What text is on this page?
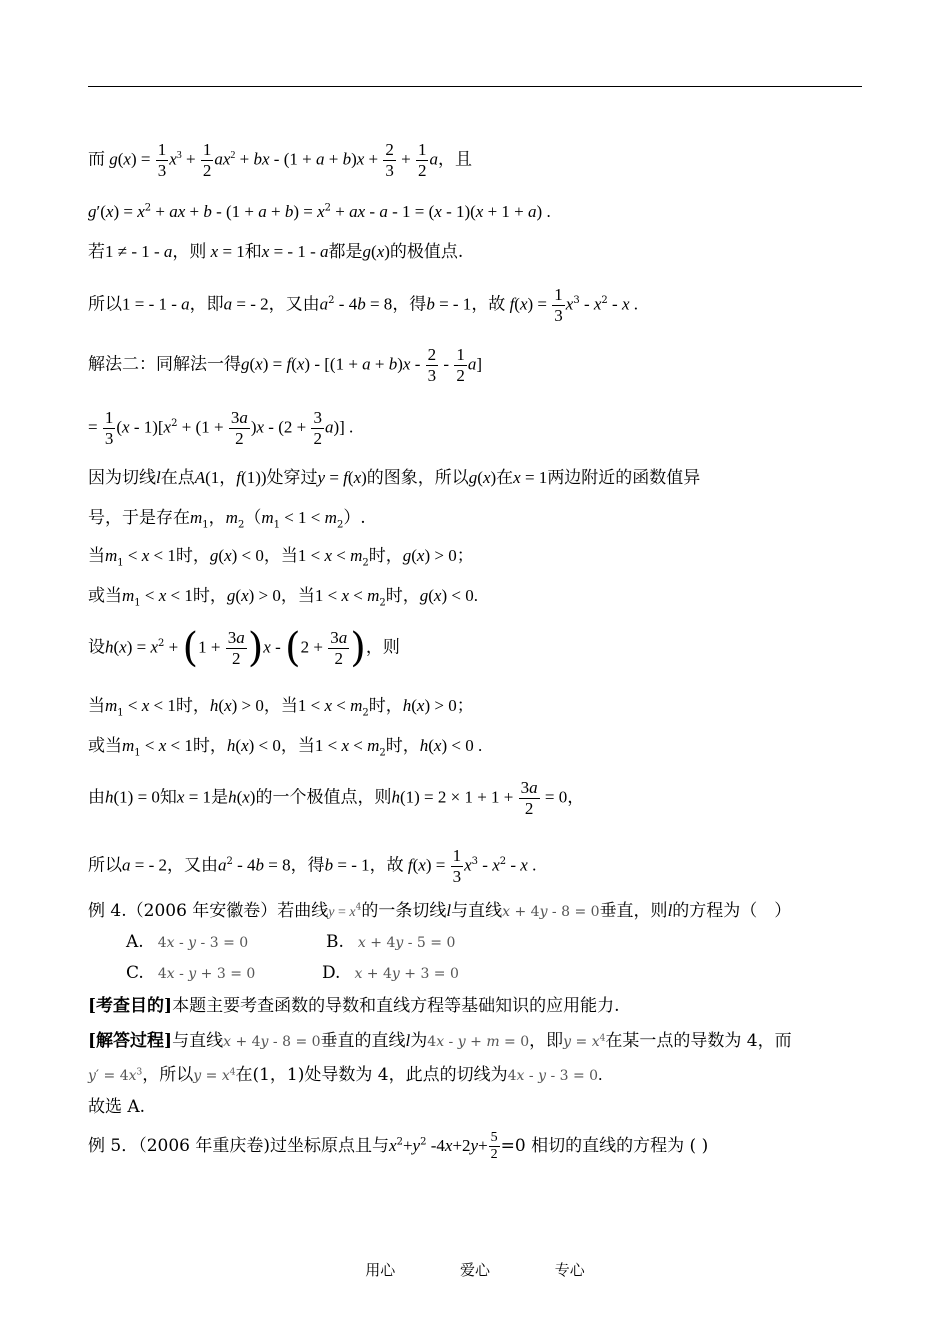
而 $g(x) = \frac{1}{3} x^3 + \frac{1}{2} ax^2$ + bx - $(1 + a + b)x + \frac{2}{3} + \frac{1}{2}$ a，且
$g'(x) = x^2$ + ax + $b - (1 + a + b) = x^2$ + ax - a - 1 = (x - 1)(x + 1 + a) .
若1 ≠ - 1 - a，则 x = 1和x = - 1 - a都是g(x)的极值点.
所以1 = - 1 - a，即a = - 2，又由$a^2 - 4b = 8$，得b = - 1，故 $f(x) = \frac{1}{3} x^3 - x^2 - x$ .
解法二：同解法一得$g(x) = f(x) - [(1 + a + b)x - \frac{2}{3} - \frac{1}{2} a]$
= $\frac{1}{3} (x - 1)[x^2 + (1 + \frac{3a}{2} )x - (2 + \frac{3}{2} a)]$ .
因为切线l在点A(1，f(1))处穿过y = f(x)的图象，所以g(x)在x = 1两边附近的函数值异
号，于是存在$m_1$，$m_2(m_1 < 1 < m_2)$.
当$m_1 < x < 1$时，g(x) < 0，当$1 < x < m_2$时，g(x) > 0；
或当$m_1 < x < 1$时，g(x) > 0，当$1 < x < m_2$时，g(x) < 0.
设$h(x) = x^2 + (1 + \frac{3a}{2} )x - (2 + \frac{3a}{2}$ )，则
当$m_1 < x < 1$时，h(x) > 0，当$1 < x < m_2$时，h(x) > 0；
或当$m_1 < x < 1$时，h(x) < 0，当$1 < x < m_2$时，h(x) < 0 .
由h(1) = 0知x = 1是h(x)的一个极值点，则$h(1) = 2 \times 1 + 1 + \frac{3a}{2} = 0$，
所以a = - 2，又由$a^2 - 4b = 8$，得b = - 1，故 $f(x) = \frac{1}{3} x^3 - x^2 - x$ .
例 4.（2006 年安徽卷）若曲线$y = x^4$的一条切线l与直线x + 4y - 8 = 0垂直，则l的方程为（　）
A. 4x - y - 3 = 0	B. x + 4y - 5 = 0
C. 4x - y + 3 = 0	D. x + 4y + 3 = 0
[考查目的]本题主要考查函数的导数和直线方程等基础知识的应用能力.
[解答过程]与直线x + 4y - 8 = 0垂直的直线l为4x - y + m = 0，即$y = x^4$在某一点的导数为 4，而
$y' = 4x^3$，所以$y = x^4$在(1，1)处导数为 4，此点的切线为4x - y - 3 = 0.
故选 A.
例 5．（2006 年重庆卷)过坐标原点且与$x^2+y^2$ $-4x+2y+ \frac{5}{2} =0$ 相切的直线的方程为 ( )
用心	爱心	专心
